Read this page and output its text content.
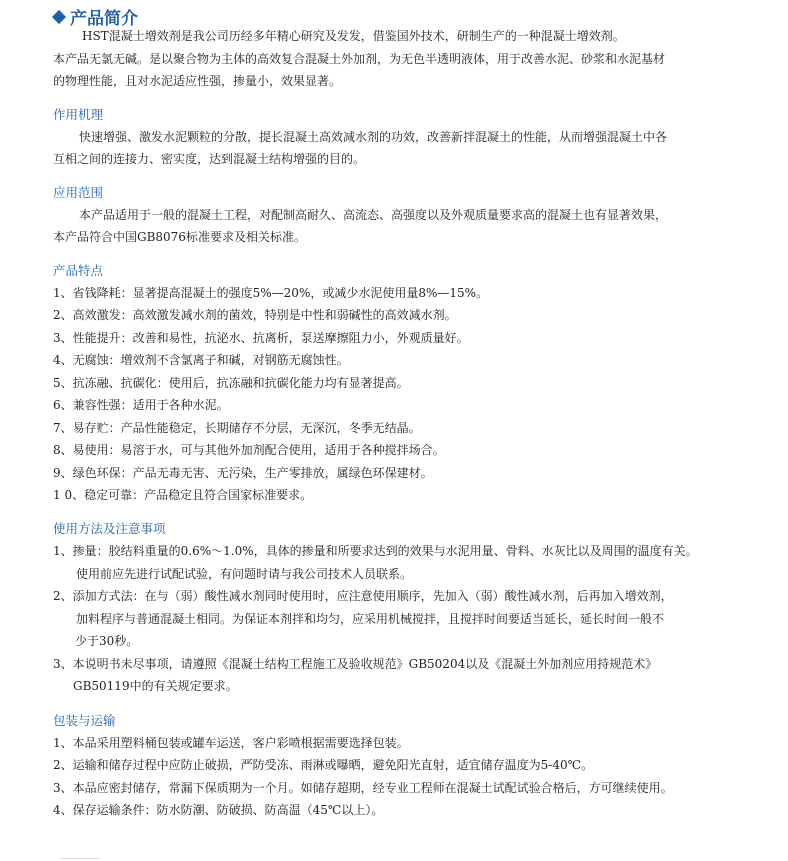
产品简介
HST混凝土增效剂是我公司历经多年精心研究及发发，借鉴国外技术，研制生产的一种混凝土增效剂。
本产品无氯无碱。是以聚合物为主体的高效复合混凝土外加剂，为无色半透明液体，用于改善水泥、砂浆和水泥基材
的物理性能，且对水泥适应性强，掺量小，效果显著。
作用机理
快速增强、激发水泥颗粒的分散，提长混凝土高效减水剂的功效，改善新拌混凝土的性能，从而增强混凝土中各
互相之间的连接力、密实度，达到混凝土结构增强的目的。
应用范围
本产品适用于一般的混凝土工程，对配制高耐久、高流态、高强度以及外观质量要求高的混凝土也有显著效果，
本产品符合中国GB8076标准要求及相关标准。
产品特点
1、省钱降耗：显著提高混凝土的强度5%—20%，或减少水泥使用量8%—15%。
2、高效激发：高效激发减水剂的菌效，特别是中性和弱碱性的高效减水剂。
3、性能提升：改善和易性，抗泌水、抗离析，泵送摩擦阻力小，外观质量好。
4、无腐蚀：增效剂不含氯离子和碱，对钢筋无腐蚀性。
5、抗冻融、抗碳化：使用后，抗冻融和抗碳化能力均有显著提高。
6、兼容性强：适用于各种水泥。
7、易存贮：产品性能稳定，长期储存不分层，无深沉，冬季无结晶。
8、易使用：易溶于水，可与其他外加剂配合使用，适用于各种搅拌场合。
9、绿色环保：产品无毒无害、无污染，生产零排放，属绿色环保建材。
1 0、稳定可靠：产品稳定且符合国家标准要求。
使用方法及注意事项
1、掺量：胶结料重量的0.6%～1.0%，具体的掺量和所要求达到的效果与水泥用量、骨料、水灰比以及周围的温度有关。
使用前应先进行试配试验，有问题时请与我公司技术人员联系。
2、添加方式法：在与（弱）酸性减水剂同时使用时，应注意使用顺序，先加入（弱）酸性减水剂，后再加入增效剂，
加料程序与普通混凝土相同。为保证本剂拌和均匀，应采用机械搅拌，且搅拌时间要适当延长，延长时间一般不
少于30秒。
3、本说明书未尽事项，请遵照《混凝土结构工程施工及验收规范》GB50204以及《混凝土外加剂应用持规范术》
GB50119中的有关规定要求。
包装与运输
1、本品采用塑料桶包装或罐车运送，客户彩喷根据需要选择包装。
2、运输和储存过程中应防止破损，严防受冻、雨淋或曝晒，避免阳光直射，适宜储存温度为5-40℃。
3、本品应密封储存，常漏下保质期为一个月。如储存超期，经专业工程师在混凝土试配试验合格后，方可继续使用。
4、保存运输条件：防水防潮、防破损、防高温（45℃以上）。
